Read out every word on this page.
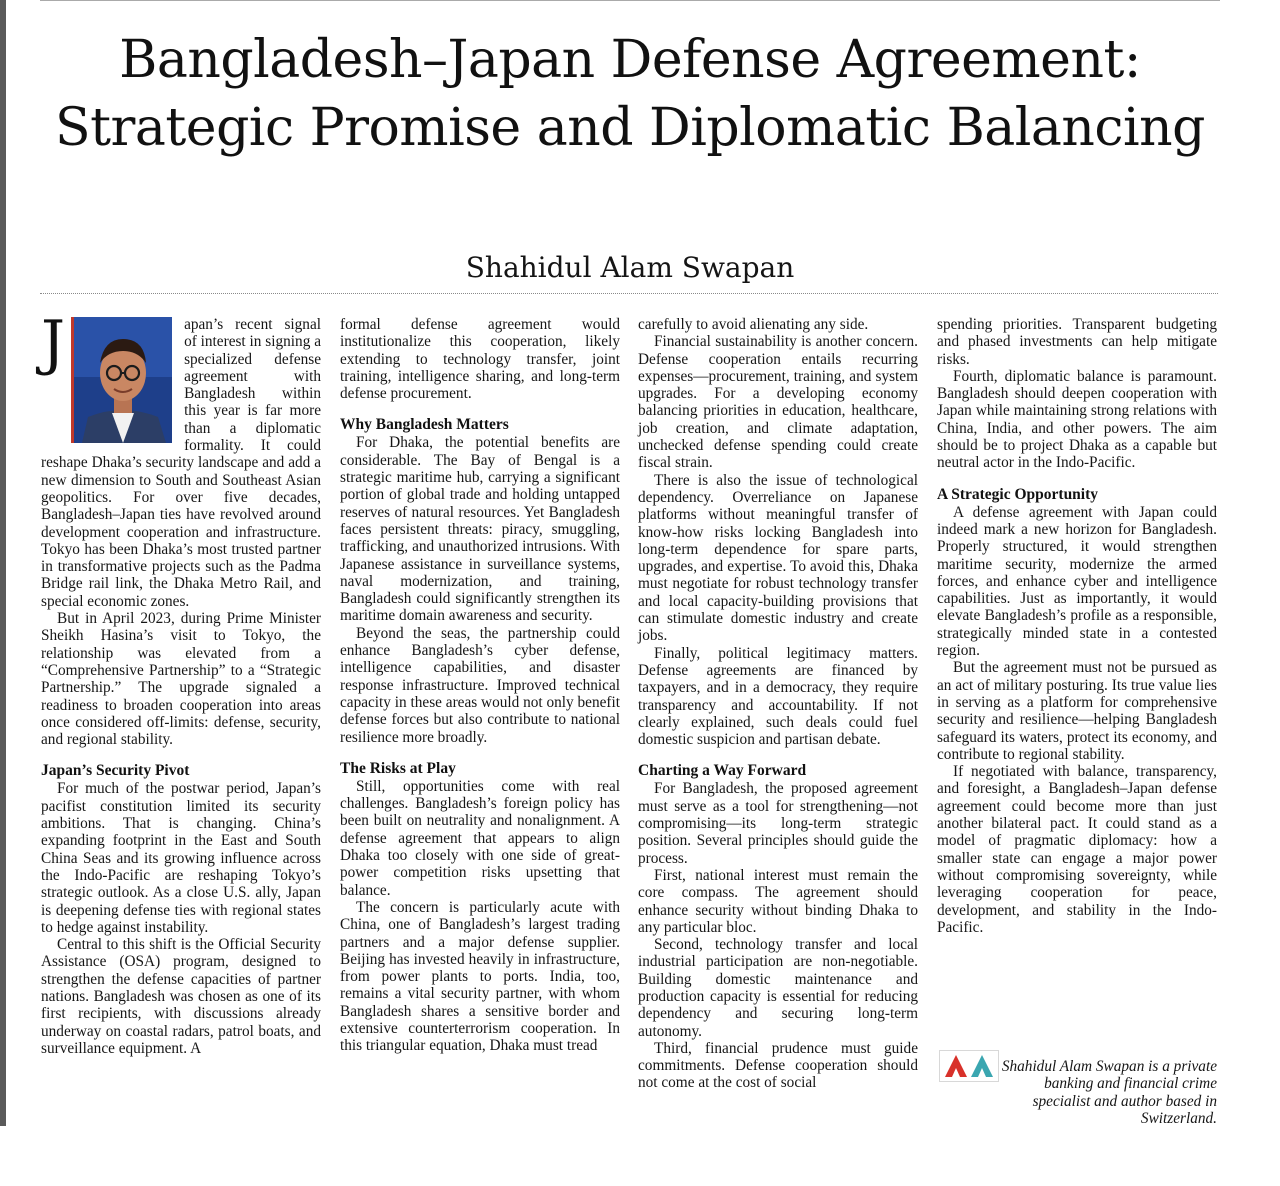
Bangladesh–Japan Defense Agreement: Strategic Promise and Diplomatic Balancing
Shahidul Alam Swapan

J	apan’s recent signal of interest in signing a specialized defense agreement with Bangladesh within this year is far more than a diplomatic formality. It could reshape Dhaka’s security landscape and add a new dimension to South and Southeast Asian geopolitics. For over five decades, Bangladesh–Japan ties have revolved around development cooperation and infrastructure. Tokyo has been Dhaka’s most trusted partner in transformative projects such as the Padma Bridge rail link, the Dhaka Metro Rail, and special economic zones.

But in April 2023, during Prime Minister Sheikh Hasina’s visit to Tokyo, the relationship was elevated from a “Comprehensive Partnership” to a “Strategic Partnership.” The upgrade signaled a readiness to broaden cooperation into areas once considered off-limits: defense, security, and regional stability.

Japan’s Security Pivot

For much of the postwar period, Japan’s pacifist constitution limited its security ambitions. That is changing. China’s expanding footprint in the East and South China Seas and its growing influence across the Indo-Pacific are reshaping Tokyo’s strategic outlook. As a close U.S. ally, Japan is deepening defense ties with regional states to hedge against instability.

Central to this shift is the Official Security Assistance (OSA) program, designed to strengthen the defense capacities of partner nations. Bangladesh was chosen as one of its first recipients, with discussions already underway on coastal radars, patrol boats, and surveillance equipment. A

formal defense agreement would institutionalize this cooperation, likely extending to technology transfer, joint training, intelligence sharing, and long-term defense procurement.

Why Bangladesh Matters

For Dhaka, the potential benefits are considerable. The Bay of Bengal is a strategic maritime hub, carrying a significant portion of global trade and holding untapped reserves of natural resources. Yet Bangladesh faces persistent threats: piracy, smuggling, trafficking, and unauthorized intrusions. With Japanese assistance in surveillance systems, naval modernization, and training, Bangladesh could significantly strengthen its maritime domain awareness and security.

Beyond the seas, the partnership could enhance Bangladesh’s cyber defense, intelligence capabilities, and disaster response infrastructure. Improved technical capacity in these areas would not only benefit defense forces but also contribute to national resilience more broadly.

The Risks at Play

Still, opportunities come with real challenges. Bangladesh’s foreign policy has been built on neutrality and nonalignment. A defense agreement that appears to align Dhaka too closely with one side of great-power competition risks upsetting that balance.

The concern is particularly acute with China, one of Bangladesh’s largest trading partners and a major defense supplier. Beijing has invested heavily in infrastructure, from power plants to ports. India, too, remains a vital security partner, with whom Bangladesh shares a sensitive border and extensive counterterrorism cooperation. In this triangular equation, Dhaka must tread

carefully to avoid alienating any side.

Financial sustainability is another concern. Defense cooperation entails recurring expenses—procurement, training, and system upgrades. For a developing economy balancing priorities in education, healthcare, job creation, and climate adaptation, unchecked defense spending could create fiscal strain.

There is also the issue of technological dependency. Overreliance on Japanese platforms without meaningful transfer of know-how risks locking Bangladesh into long-term dependence for spare parts, upgrades, and expertise. To avoid this, Dhaka must negotiate for robust technology transfer and local capacity-building provisions that can stimulate domestic industry and create jobs.

Finally, political legitimacy matters. Defense agreements are financed by taxpayers, and in a democracy, they require transparency and accountability. If not clearly explained, such deals could fuel domestic suspicion and partisan debate.

Charting a Way Forward

For Bangladesh, the proposed agreement must serve as a tool for strengthening—not compromising—its long-term strategic position. Several principles should guide the process.

First, national interest must remain the core compass. The agreement should enhance security without binding Dhaka to any particular bloc.

Second, technology transfer and local industrial participation are non-negotiable. Building domestic maintenance and production capacity is essential for reducing dependency and securing long-term autonomy.

Third, financial prudence must guide commitments. Defense cooperation should not come at the cost of social

spending priorities. Transparent budgeting and phased investments can help mitigate risks.

Fourth, diplomatic balance is paramount. Bangladesh should deepen cooperation with Japan while maintaining strong relations with China, India, and other powers. The aim should be to project Dhaka as a capable but neutral actor in the Indo-Pacific.

A Strategic Opportunity

A defense agreement with Japan could indeed mark a new horizon for Bangladesh. Properly structured, it would strengthen maritime security, modernize the armed forces, and enhance cyber and intelligence capabilities. Just as importantly, it would elevate Bangladesh’s profile as a responsible, strategically minded state in a contested region.

But the agreement must not be pursued as an act of military posturing. Its true value lies in serving as a platform for comprehensive security and resilience—helping Bangladesh safeguard its waters, protect its economy, and contribute to regional stability.

If negotiated with balance, transparency, and foresight, a Bangladesh–Japan defense agreement could become more than just another bilateral pact. It could stand as a model of pragmatic diplomacy: how a smaller state can engage a major power without compromising sovereignty, while leveraging cooperation for peace, development, and stability in the Indo-Pacific.

Shahidul Alam Swapan is a private banking and financial crime specialist and author based in Switzerland.
